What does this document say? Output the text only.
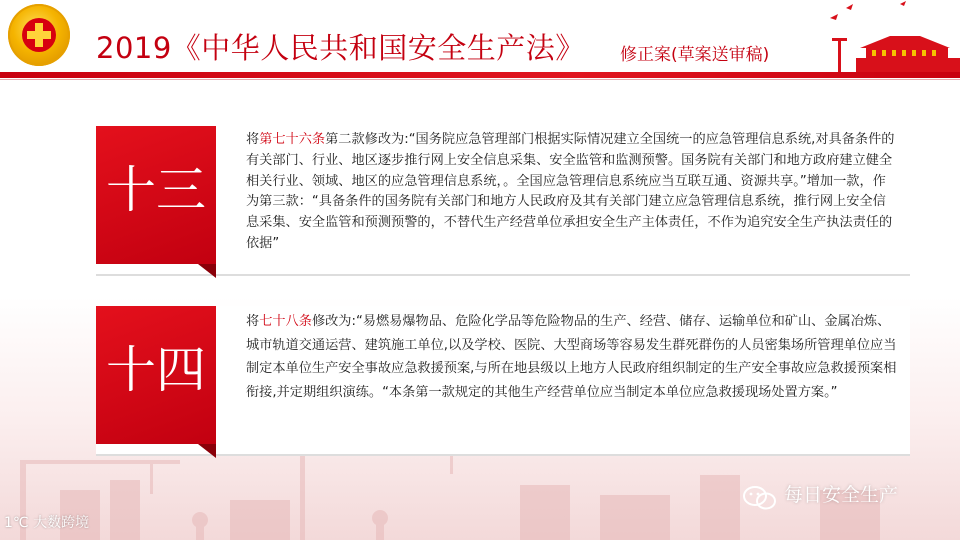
2019《中华人民共和国安全生产法》 修正案(草案送审稿)
十三
将第七十六条第二款修改为:“国务院应急管理部门根据实际情况建立全国统一的应急管理信息系统,对具备条件的有关部门、行业、地区逐步推行网上安全信息采集、安全监管和监测预警。国务院有关部门和地方政府建立健全相关行业、领域、地区的应急管理信息系统，。全国应急管理信息系统应当互联互通、资源共享。”增加一款，作为第三款：“具备条件的国务院有关部门和地方人民政府及其有关部门建立应急管理信息系统，推行网上安全信息采集、安全监管和预测预警的，不替代生产经营单位承担安全生产主体责任，不作为追究安全生产执法责任的依据”
十四
将七十八条修改为:“易燃易爆物品、危险化学品等危险物品的生产、经营、储存、运输单位和矿山、金属冶炼、城市轨道交通运营、建筑施工单位,以及学校、医院、大型商场等容易发生群死群伤的人员密集场所管理单位应当制定本单位生产安全事故应急救援预案,与所在地县级以上地方人民政府组织制定的生产安全事故应急救援预案相衔接,并定期组织演练。“本条第一款规定的其他生产经营单位应当制定本单位应急救援现场处置方案。”
每日安全生产
1℃ 大数跨境
